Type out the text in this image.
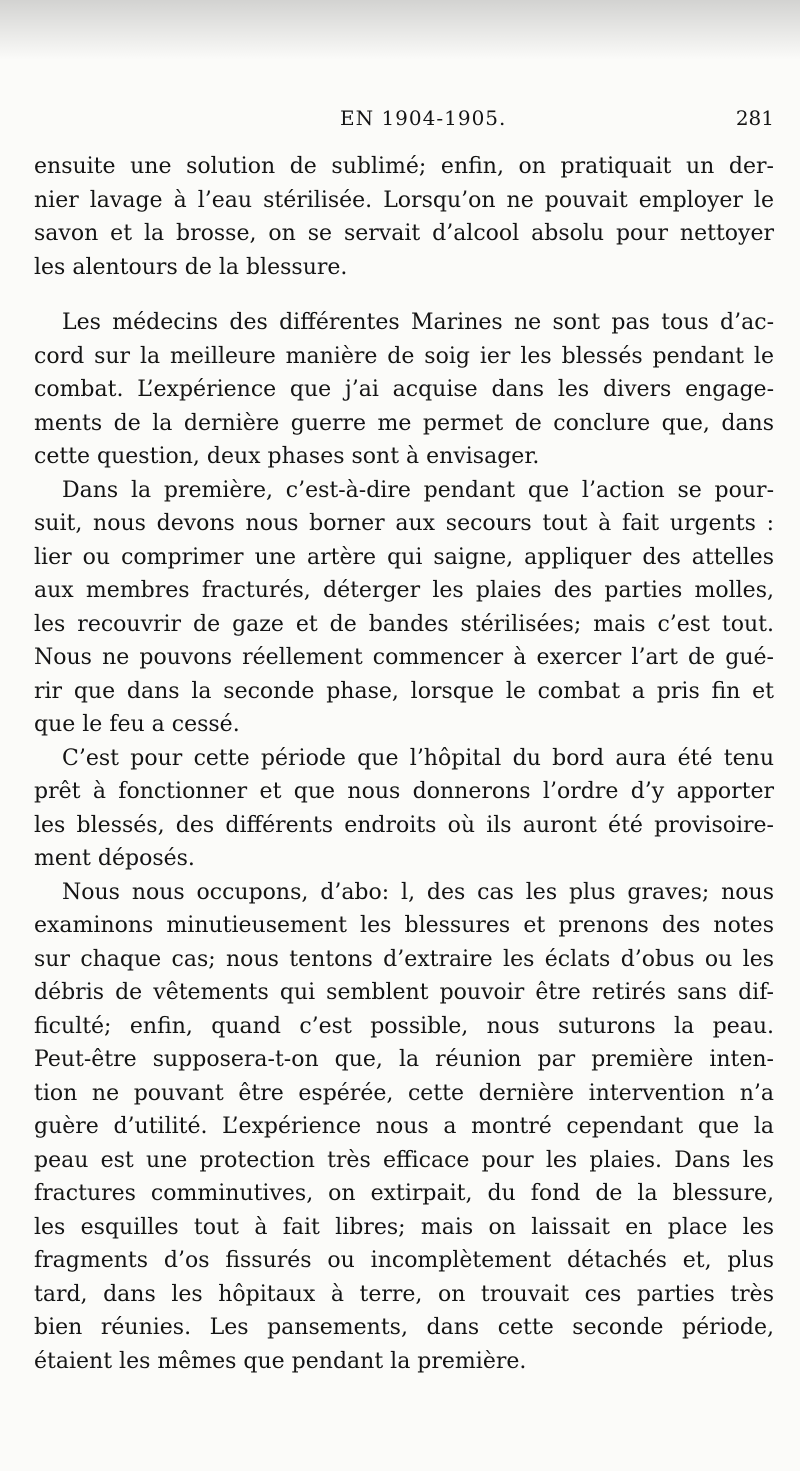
EN 1904-1905.	281
ensuite une solution de sublimé; enfin, on pratiquait un der-
nier lavage à l’eau stérilisée. Lorsqu’on ne pouvait employer le
savon et la brosse, on se servait d’alcool absolu pour nettoyer
les alentours de la blessure.
Les médecins des différentes Marines ne sont pas tous d’ac-
cord sur la meilleure manière de soig ier les blessés pendant le
combat. L’expérience que j’ai acquise dans les divers engage-
ments de la dernière guerre me permet de conclure que, dans
cette question, deux phases sont à envisager.
Dans la première, c’est-à-dire pendant que l’action se pour-
suit, nous devons nous borner aux secours tout à fait urgents :
lier ou comprimer une artère qui saigne, appliquer des attelles
aux membres fracturés, déterger les plaies des parties molles,
les recouvrir de gaze et de bandes stérilisées; mais c’est tout.
Nous ne pouvons réellement commencer à exercer l’art de gué-
rir que dans la seconde phase, lorsque le combat a pris fin et
que le feu a cessé.
C’est pour cette période que l’hôpital du bord aura été tenu
prêt à fonctionner et que nous donnerons l’ordre d’y apporter
les blessés, des différents endroits où ils auront été provisoire-
ment déposés.
Nous nous occupons, d’abo: l, des cas les plus graves; nous
examinons minutieusement les blessures et prenons des notes
sur chaque cas; nous tentons d’extraire les éclats d’obus ou les
débris de vêtements qui semblent pouvoir être retirés sans dif-
ficulté; enfin, quand c’est possible, nous suturons la peau.
Peut-être supposera-t-on que, la réunion par première inten-
tion ne pouvant être espérée, cette dernière intervention n’a
guère d’utilité. L’expérience nous a montré cependant que la
peau est une protection très efficace pour les plaies. Dans les
fractures comminutives, on extirpait, du fond de la blessure,
les esquilles tout à fait libres; mais on laissait en place les
fragments d’os fissurés ou incomplètement détachés et, plus
tard, dans les hôpitaux à terre, on trouvait ces parties très
bien réunies. Les pansements, dans cette seconde période,
étaient les mêmes que pendant la première.
